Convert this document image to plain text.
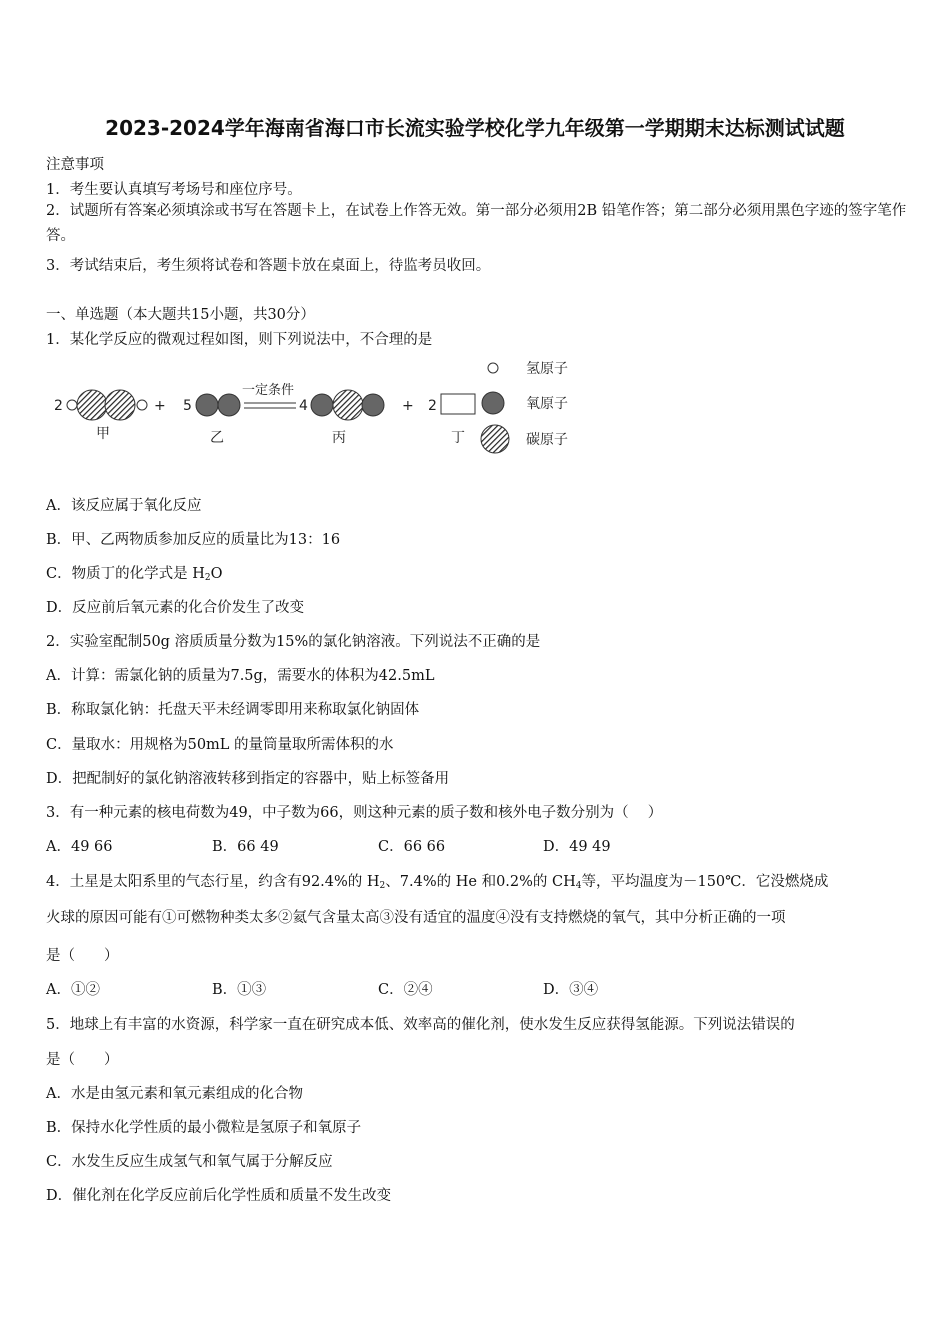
2023-2024学年海南省海口市长流实验学校化学九年级第一学期期末达标测试试题
注意事项
1．考生要认真填写考场号和座位序号。
2．试题所有答案必须填涂或书写在答题卡上，在试卷上作答无效。第一部分必须用2B 铅笔作答；第二部分必须用黑色字迹的签字笔作答。
3．考试结束后，考生须将试卷和答题卡放在桌面上，待监考员收回。
一、单选题（本大题共15小题，共30分）
1．某化学反应的微观过程如图，则下列说法中，不合理的是
2	+
甲
5
乙
一定条件
4
丙
+ 2
丁
氢原子
氧原子
碳原子
A．该反应属于氧化反应
B．甲、乙两物质参加反应的质量比为13：16
C．物质丁的化学式是 $H_2O$
D．反应前后氧元素的化合价发生了改变
2．实验室配制50g 溶质质量分数为15%的氯化钠溶液。下列说法不正确的是
A．计算：需氯化钠的质量为7.5g，需要水的体积为42.5mL
B．称取氯化钠：托盘天平未经调零即用来称取氯化钠固体
C．量取水：用规格为50mL 的量筒量取所需体积的水
D．把配制好的氯化钠溶液转移到指定的容器中，贴上标签备用
3．有一种元素的核电荷数为49，中子数为66，则这种元素的质子数和核外电子数分别为（　 ）
A．49 66	B．66 49	C．66 66	D．49 49
4．土星是太阳系里的气态行星，约含有92.4%的 $H_2$、7.4%的 He 和0.2%的 $CH_4$等，平均温度为－150℃．它没燃烧成
火球的原因可能有①可燃物种类太多②氦气含量太高③没有适宜的温度④没有支持燃烧的氧气，其中分析正确的一项
是（　　）
A．①②	B．①③	C．②④	D．③④
5．地球上有丰富的水资源，科学家一直在研究成本低、效率高的催化剂，使水发生反应获得氢能源。下列说法错误的
是（　　）
A．水是由氢元素和氧元素组成的化合物
B．保持水化学性质的最小微粒是氢原子和氧原子
C．水发生反应生成氢气和氧气属于分解反应
D．催化剂在化学反应前后化学性质和质量不发生改变
